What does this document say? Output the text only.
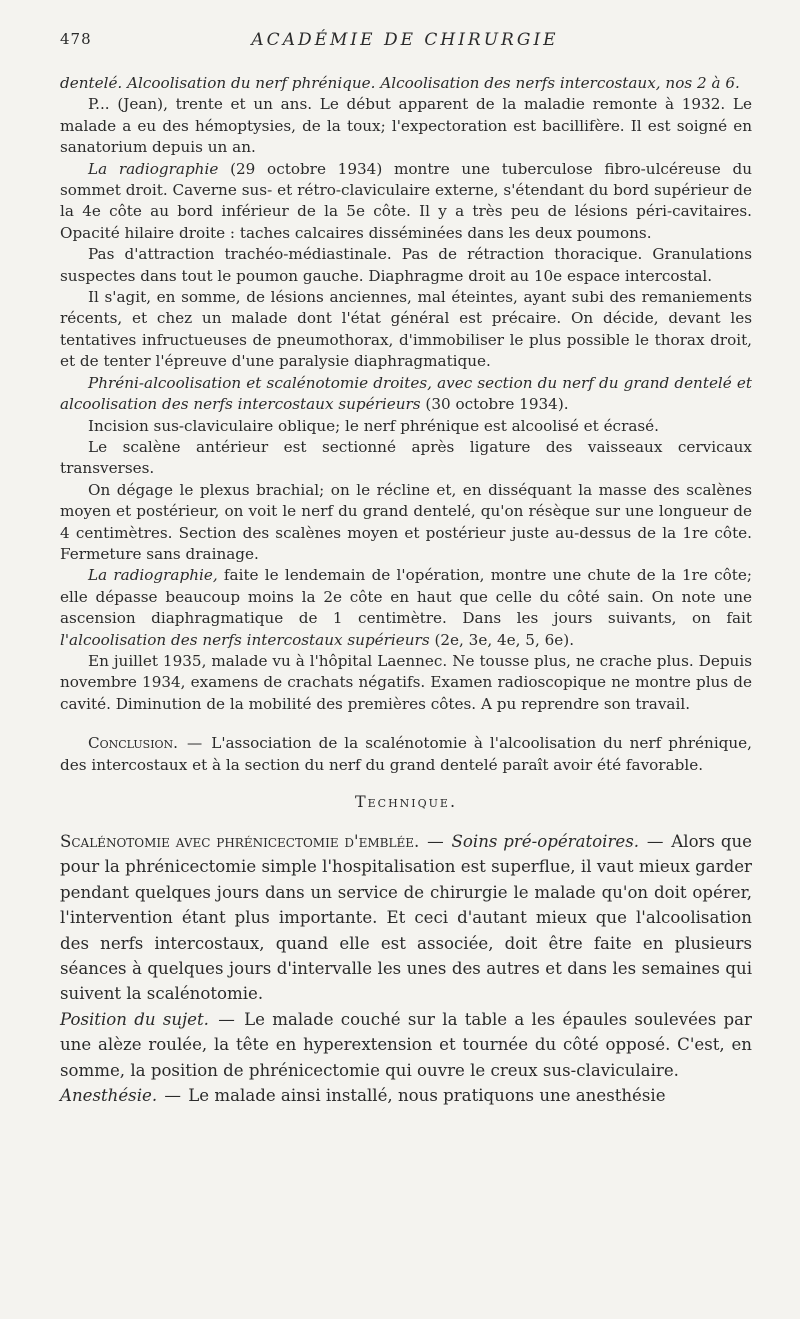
478	ACADÉMIE DE CHIRURGIE

dentelé. Alcoolisation du nerf phrénique. Alcoolisation des nerfs intercostaux, nos 2 à 6.

P... (Jean), trente et un ans. Le début apparent de la maladie remonte à 1932. Le malade a eu des hémoptysies, de la toux; l'expectoration est bacillifère. Il est soigné en sanatorium depuis un an.

La radiographie (29 octobre 1934) montre une tuberculose fibro-ulcéreuse du sommet droit. Caverne sus- et rétro-claviculaire externe, s'étendant du bord supérieur de la 4e côte au bord inférieur de la 5e côte. Il y a très peu de lésions péri-cavitaires. Opacité hilaire droite : taches calcaires disséminées dans les deux poumons.

Pas d'attraction trachéo-médiastinale. Pas de rétraction thoracique. Granulations suspectes dans tout le poumon gauche. Diaphragme droit au 10e espace intercostal.

Il s'agit, en somme, de lésions anciennes, mal éteintes, ayant subi des remaniements récents, et chez un malade dont l'état général est précaire. On décide, devant les tentatives infructueuses de pneumothorax, d'immobiliser le plus possible le thorax droit, et de tenter l'épreuve d'une paralysie diaphragmatique.

Phréni-alcoolisation et scalénotomie droites, avec section du nerf du grand dentelé et alcoolisation des nerfs intercostaux supérieurs (30 octobre 1934).

Incision sus-claviculaire oblique; le nerf phrénique est alcoolisé et écrasé.

Le scalène antérieur est sectionné après ligature des vaisseaux cervicaux transverses.

On dégage le plexus brachial; on le récline et, en disséquant la masse des scalènes moyen et postérieur, on voit le nerf du grand dentelé, qu'on résèque sur une longueur de 4 centimètres. Section des scalènes moyen et postérieur juste au-dessus de la 1re côte. Fermeture sans drainage.

La radiographie, faite le lendemain de l'opération, montre une chute de la 1re côte; elle dépasse beaucoup moins la 2e côte en haut que celle du côté sain. On note une ascension diaphragmatique de 1 centimètre. Dans les jours suivants, on fait l'alcoolisation des nerfs intercostaux supérieurs (2e, 3e, 4e, 5, 6e).

En juillet 1935, malade vu à l'hôpital Laennec. Ne tousse plus, ne crache plus. Depuis novembre 1934, examens de crachats négatifs. Examen radioscopique ne montre plus de cavité. Diminution de la mobilité des premières côtes. A pu reprendre son travail.

Conclusion. — L'association de la scalénotomie à l'alcoolisation du nerf phrénique, des intercostaux et à la section du nerf du grand dentelé paraît avoir été favorable.

Technique.

Scalénotomie avec phrénicectomie d'emblée. — Soins pré-opératoires. — Alors que pour la phrénicectomie simple l'hospitalisation est superflue, il vaut mieux garder pendant quelques jours dans un service de chirurgie le malade qu'on doit opérer, l'intervention étant plus importante. Et ceci d'autant mieux que l'alcoolisation des nerfs intercostaux, quand elle est associée, doit être faite en plusieurs séances à quelques jours d'intervalle les unes des autres et dans les semaines qui suivent la scalénotomie.

Position du sujet. — Le malade couché sur la table a les épaules soulevées par une alèze roulée, la tête en hyperextension et tournée du côté opposé. C'est, en somme, la position de phrénicectomie qui ouvre le creux sus-claviculaire.

Anesthésie. — Le malade ainsi installé, nous pratiquons une anesthésie
